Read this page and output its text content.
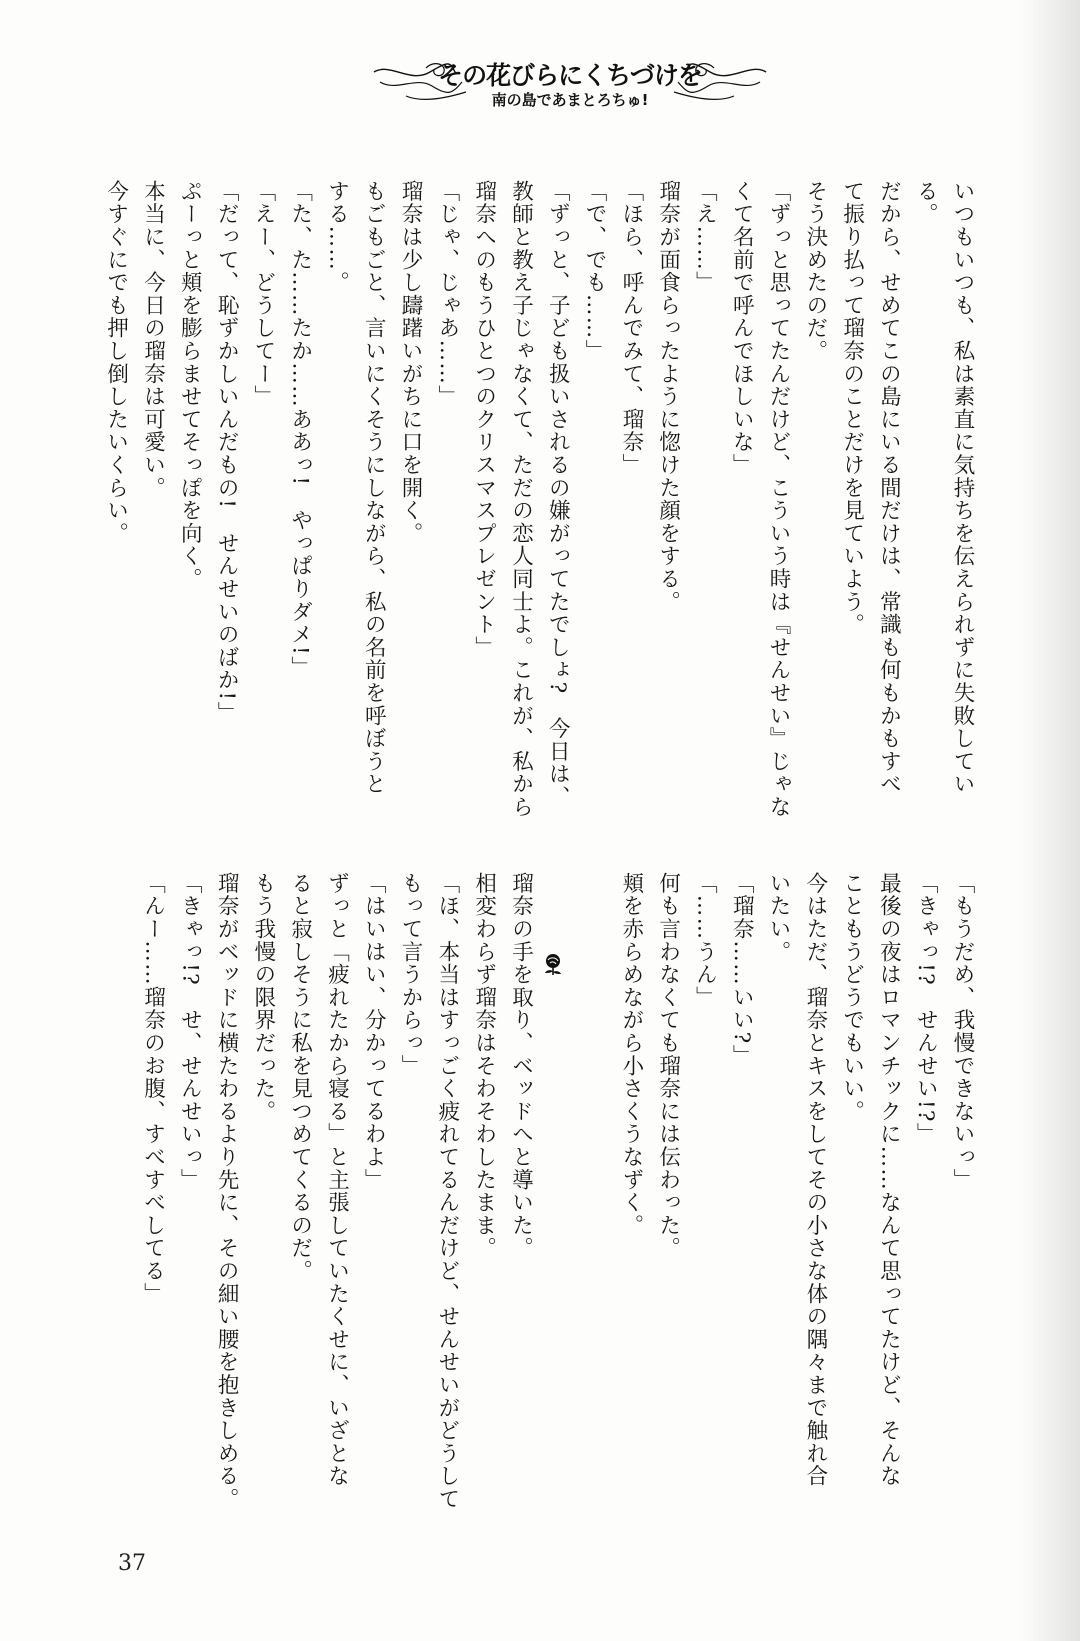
その花びらにくちづけを
南の島であまとろちゅ!
いつもいつも、私は素直に気持ちを伝えられずに失敗してい
る。
だから、せめてこの島にいる間だけは、常識も何もかもすべ
て振り払って瑠奈のことだけを見ていよう。
そう決めたのだ。
「ずっと思ってたんだけど、こういう時は『せんせい』じゃな
くて名前で呼んでほしいな」
「え……」
瑠奈が面食らったように惚けた顔をする。
「ほら、呼んでみて、瑠奈」
「で、でも……」
「ずっと、子ども扱いされるの嫌がってたでしょ?　今日は、
教師と教え子じゃなくて、ただの恋人同士よ。これが、私から
瑠奈へのもうひとつのクリスマスプレゼント」
「じゃ、じゃあ……」
瑠奈は少し躊躇いがちに口を開く。
もごもごと、言いにくそうにしながら、私の名前を呼ぼうと
する……。
「た、た……たか……ああっ!　やっぱりダメ!」
「えー、どうしてー」
「だって、恥ずかしいんだもの!　せんせいのばか!」
ぷーっと頬を膨らませてそっぽを向く。
本当に、今日の瑠奈は可愛い。
今すぐにでも押し倒したいくらい。
「もうだめ、我慢できないっ」
「きゃっ!?　せんせい!?」
最後の夜はロマンチックに……なんて思ってたけど、そんな
こともうどうでもいい。
今はただ、瑠奈とキスをしてその小さな体の隅々まで触れ合
いたい。
「瑠奈……いい?」
「……うん」
何も言わなくても瑠奈には伝わった。
頬を赤らめながら小さくうなずく。

瑠奈の手を取り、ベッドへと導いた。
相変わらず瑠奈はそわそわしたまま。
「ほ、本当はすっごく疲れてるんだけど、せんせいがどうして
もって言うからっ」
「はいはい、分かってるわよ」
ずっと「疲れたから寝る」と主張していたくせに、いざとな
ると寂しそうに私を見つめてくるのだ。
もう我慢の限界だった。
瑠奈がベッドに横たわるより先に、その細い腰を抱きしめる。
「きゃっ!?　せ、せんせいっ」
「んー……瑠奈のお腹、すべすべしてる」
37
